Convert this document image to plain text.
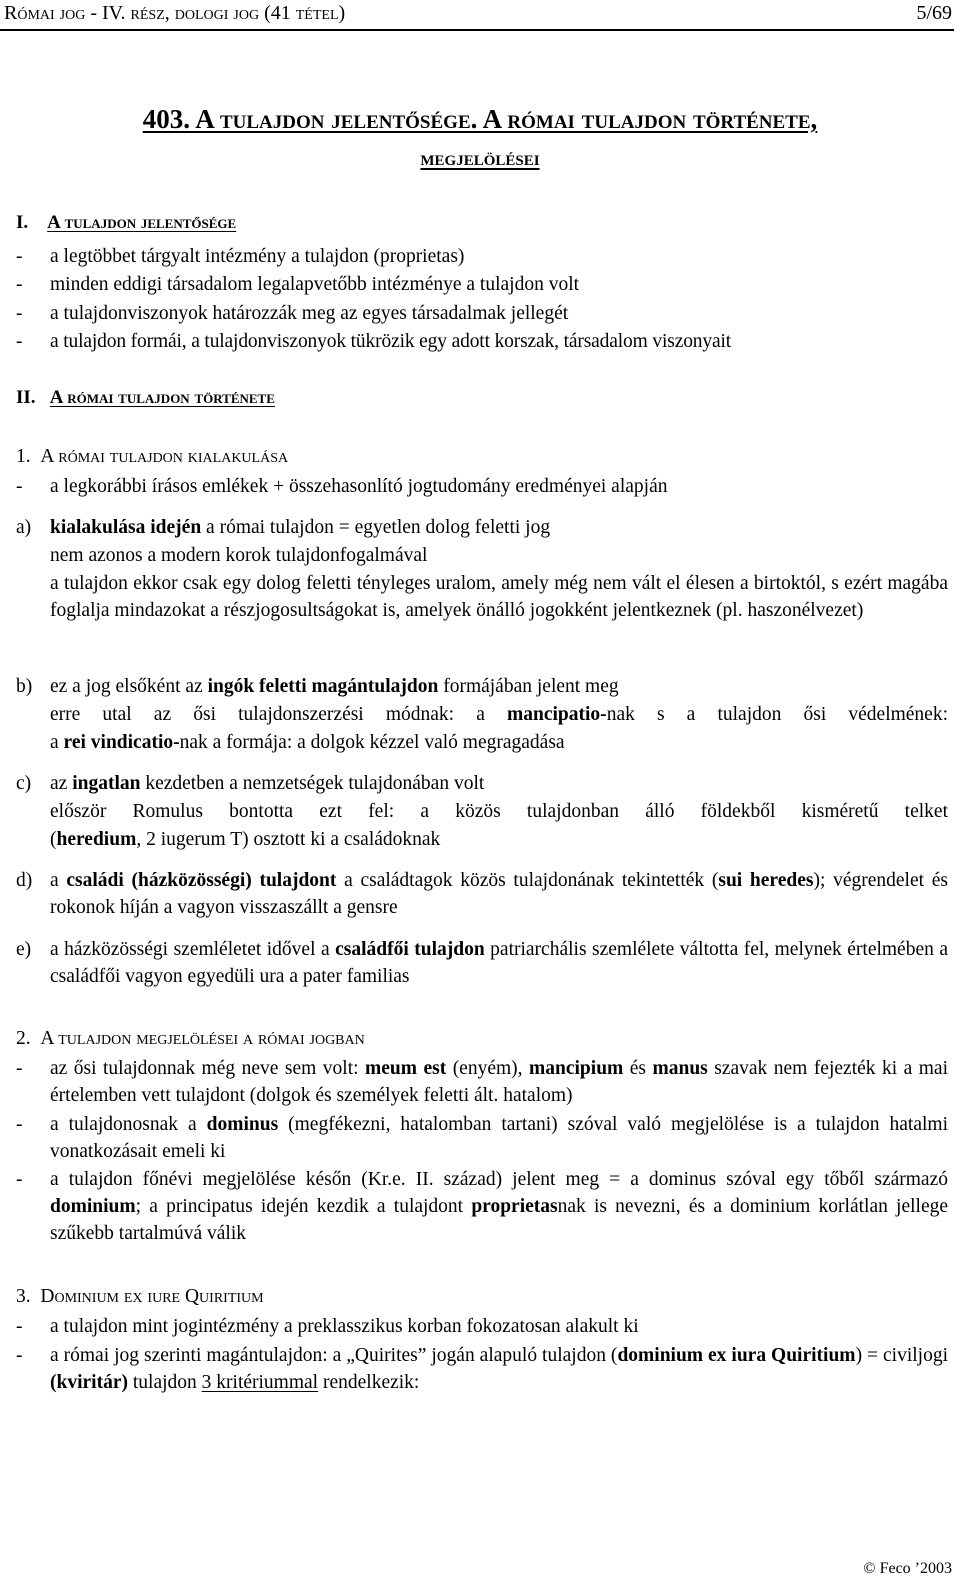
Római jog - IV. rész, dologi jog (41 tétel)	5/69
403. A tulajdon jelentősége. A római tulajdon története,
megjelölései
I. A tulajdon jelentősége
- a legtöbbet tárgyalt intézmény a tulajdon (proprietas)
- minden eddigi társadalom legalapvetőbb intézménye a tulajdon volt
- a tulajdonviszonyok határozzák meg az egyes társadalmak jellegét
- a tulajdon formái, a tulajdonviszonyok tükrözik egy adott korszak, társadalom viszonyait
II. A római tulajdon története
1. A római tulajdon kialakulása
- a legkorábbi írásos emlékek + összehasonlító jogtudomány eredményei alapján
a) kialakulása idején a római tulajdon = egyetlen dolog feletti jog
nem azonos a modern korok tulajdonfogalmával
a tulajdon ekkor csak egy dolog feletti tényleges uralom, amely még nem vált el élesen a birtoktól, s ezért magába foglalja mindazokat a részjogosultságokat is, amelyek önálló jogokként jelentkeznek (pl. haszonélvezet)
b) ez a jog elsőként az ingók feletti magántulajdon formájában jelent meg
erre utal az ősi tulajdonszerzési módnak: a mancipatio-nak s a tulajdon ősi védelmének:
a rei vindicatio-nak a formája: a dolgok kézzel való megragadása
c) az ingatlan kezdetben a nemzetségek tulajdonában volt
először Romulus bontotta ezt fel: a közös tulajdonban álló földekből kisméretű telket
(heredium, 2 iugerum T) osztott ki a családoknak
d) a családi (házközösségi) tulajdont a családtagok közös tulajdonának tekintették (sui heredes); végrendelet és rokonok híján a vagyon visszaszállt a gensre
e) a házközösségi szemléletet idővel a családfői tulajdon patriarchális szemlélete váltotta fel, melynek értelmében a családfői vagyon egyedüli ura a pater familias
2. A tulajdon megjelölései a római jogban
- az ősi tulajdonnak még neve sem volt: meum est (enyém), mancipium és manus szavak nem fejezték ki a mai értelemben vett tulajdont (dolgok és személyek feletti ált. hatalom)
- a tulajdonosnak a dominus (megfékezni, hatalomban tartani) szóval való megjelölése is a tulajdon hatalmi vonatkozásait emeli ki
- a tulajdon főnévi megjelölése későn (Kr.e. II. század) jelent meg = a dominus szóval egy tőből származó dominium; a principatus idején kezdik a tulajdont proprietasnak is nevezni, és a dominium korlátlan jellege szűkebb tartalmúvá válik
3. Dominium ex iure Quiritium
- a tulajdon mint jogintézmény a preklasszikus korban fokozatosan alakult ki
- a római jog szerinti magántulajdon: a „Quirites” jogán alapuló tulajdon (dominium ex iura Quiritium) = civiljogi (kviritár) tulajdon 3 kritériummal rendelkezik:
© Feco ’2003
